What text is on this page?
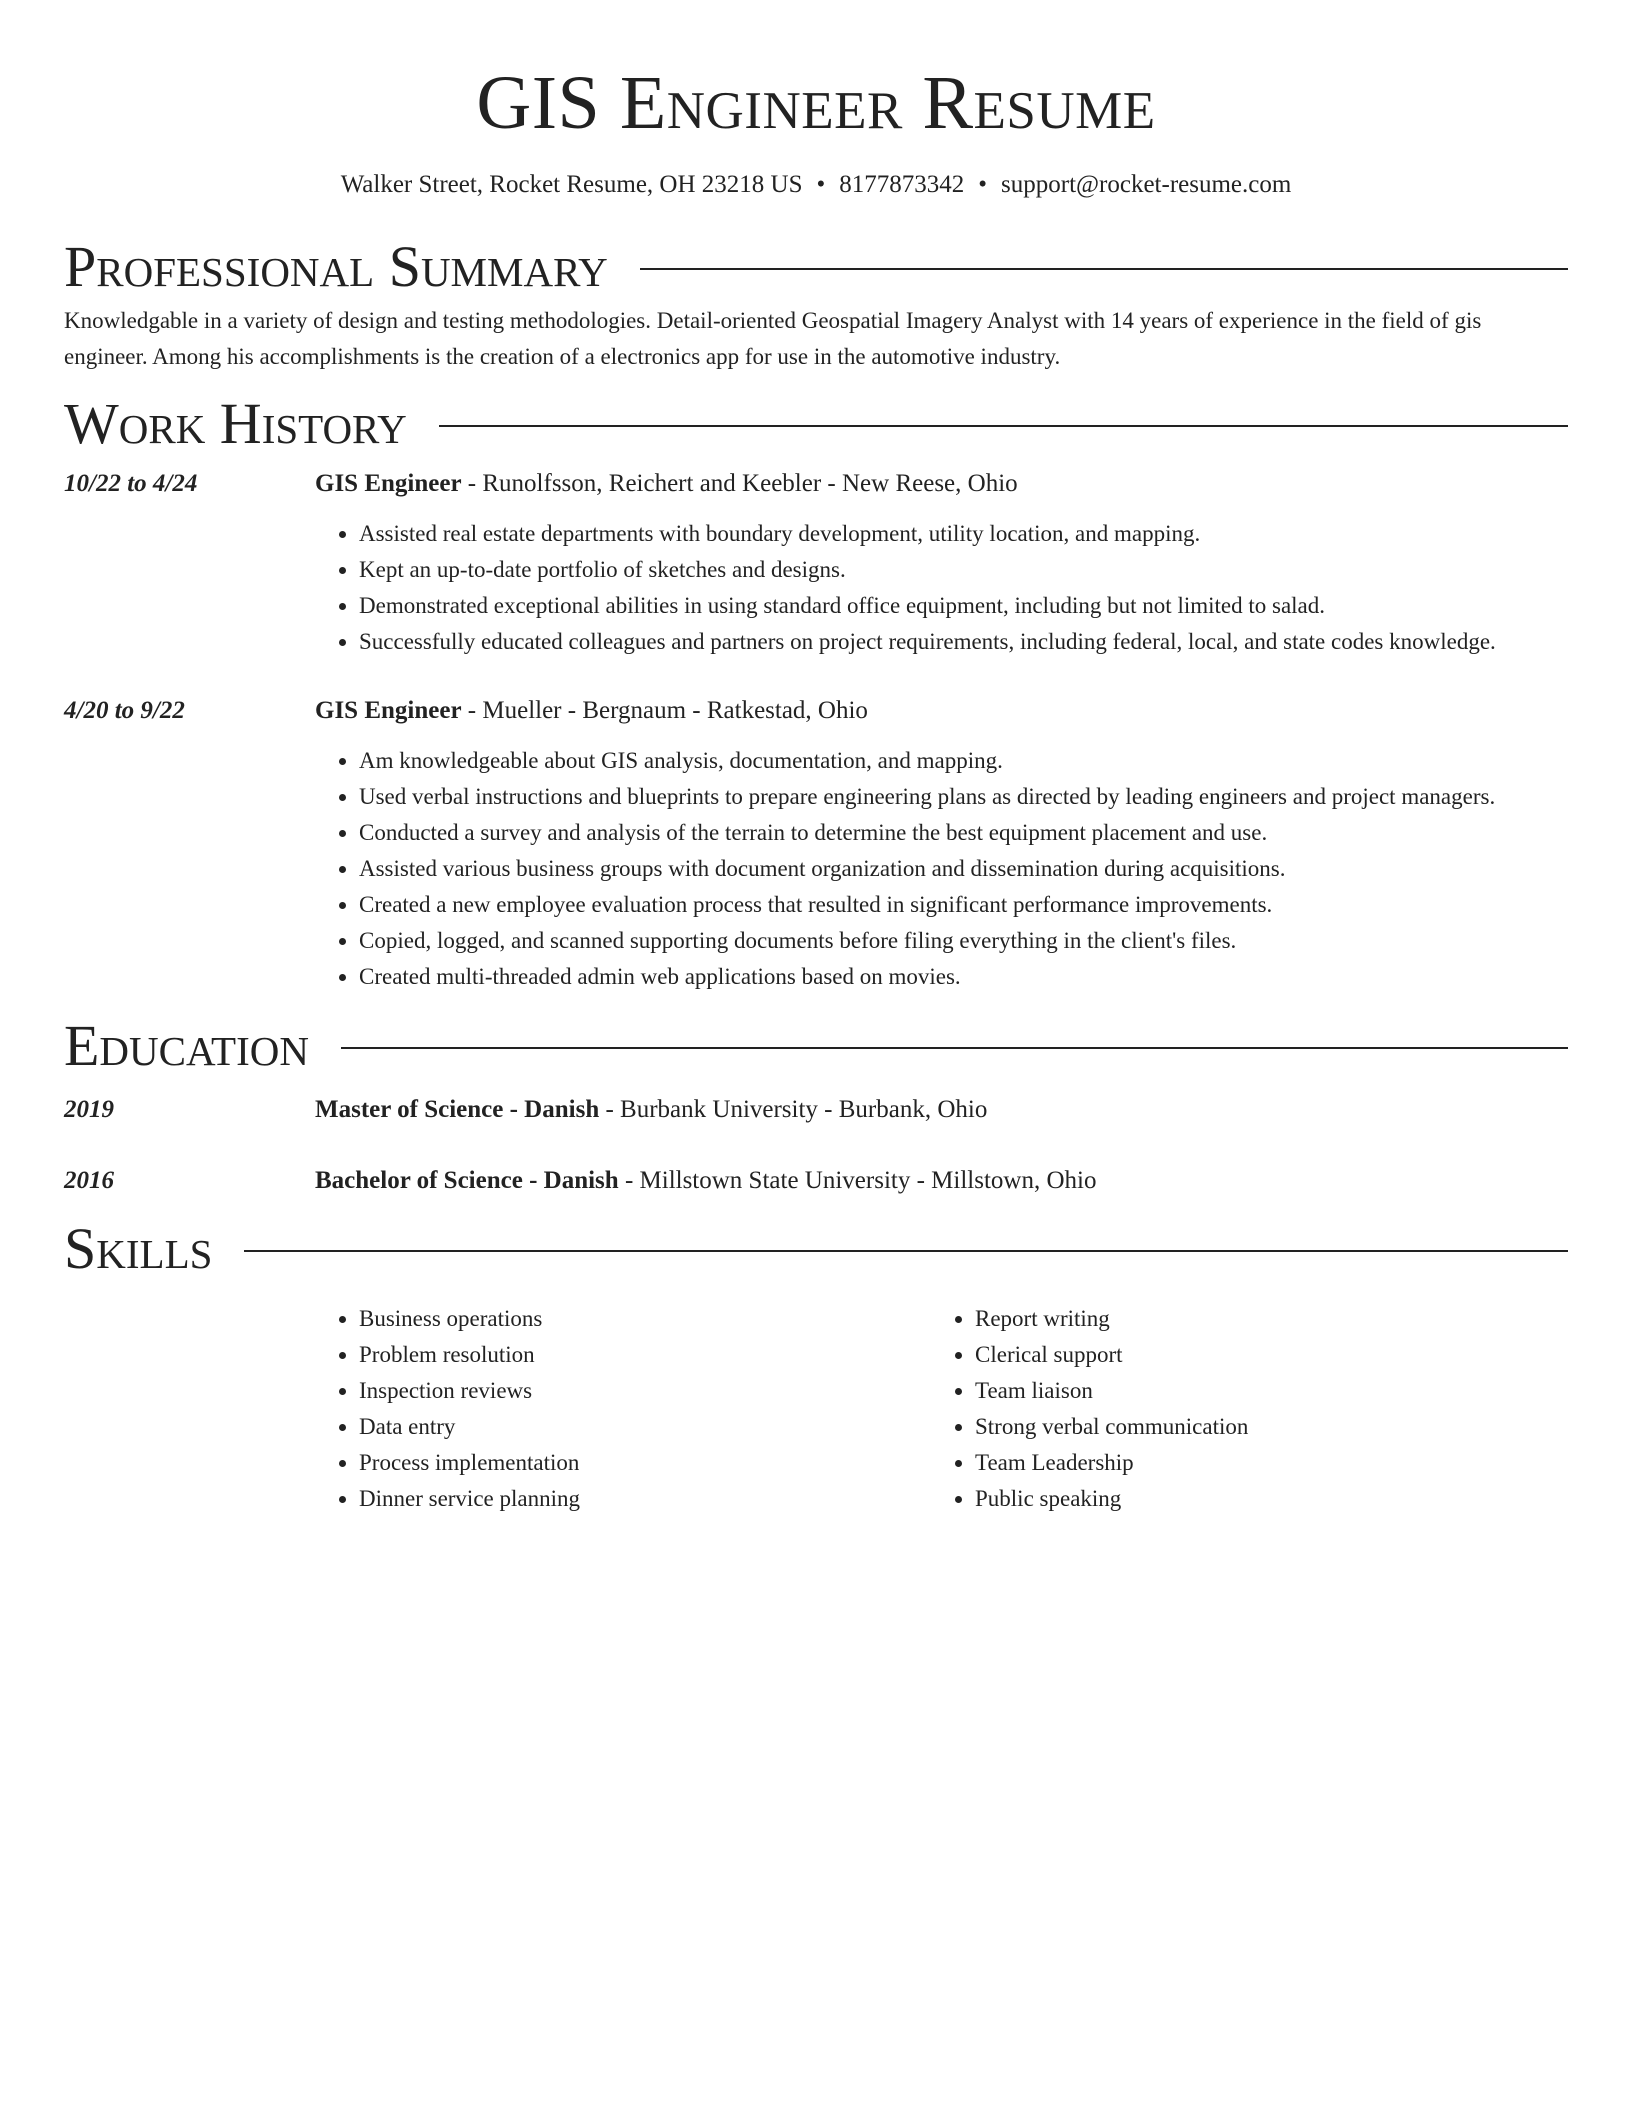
GIS Engineer Resume
Walker Street, Rocket Resume, OH 23218 US • 8177873342 • support@rocket-resume.com
Professional Summary

Knowledgable in a variety of design and testing methodologies. Detail-oriented Geospatial Imagery Analyst with 14 years of experience in the field of gis engineer. Among his accomplishments is the creation of a electronics app for use in the automotive industry.

Work History
10/22 to 4/24	GIS Engineer - Runolfsson, Reichert and Keebler - New Reese, Ohio
• Assisted real estate departments with boundary development, utility location, and mapping.
• Kept an up-to-date portfolio of sketches and designs.
• Demonstrated exceptional abilities in using standard office equipment, including but not limited to salad.
• Successfully educated colleagues and partners on project requirements, including federal, local, and state codes knowledge.
4/20 to 9/22	GIS Engineer - Mueller - Bergnaum - Ratkestad, Ohio
• Am knowledgeable about GIS analysis, documentation, and mapping.
• Used verbal instructions and blueprints to prepare engineering plans as directed by leading engineers and project managers.
• Conducted a survey and analysis of the terrain to determine the best equipment placement and use.
• Assisted various business groups with document organization and dissemination during acquisitions.
• Created a new employee evaluation process that resulted in significant performance improvements.
• Copied, logged, and scanned supporting documents before filing everything in the client's files.
• Created multi-threaded admin web applications based on movies.
Education
2019	Master of Science - Danish - Burbank University - Burbank, Ohio
2016	Bachelor of Science - Danish - Millstown State University - Millstown, Ohio
Skills
• Business operations
• Problem resolution
• Inspection reviews
• Data entry
• Process implementation
• Dinner service planning
• Report writing
• Clerical support
• Team liaison
• Strong verbal communication
• Team Leadership
• Public speaking
